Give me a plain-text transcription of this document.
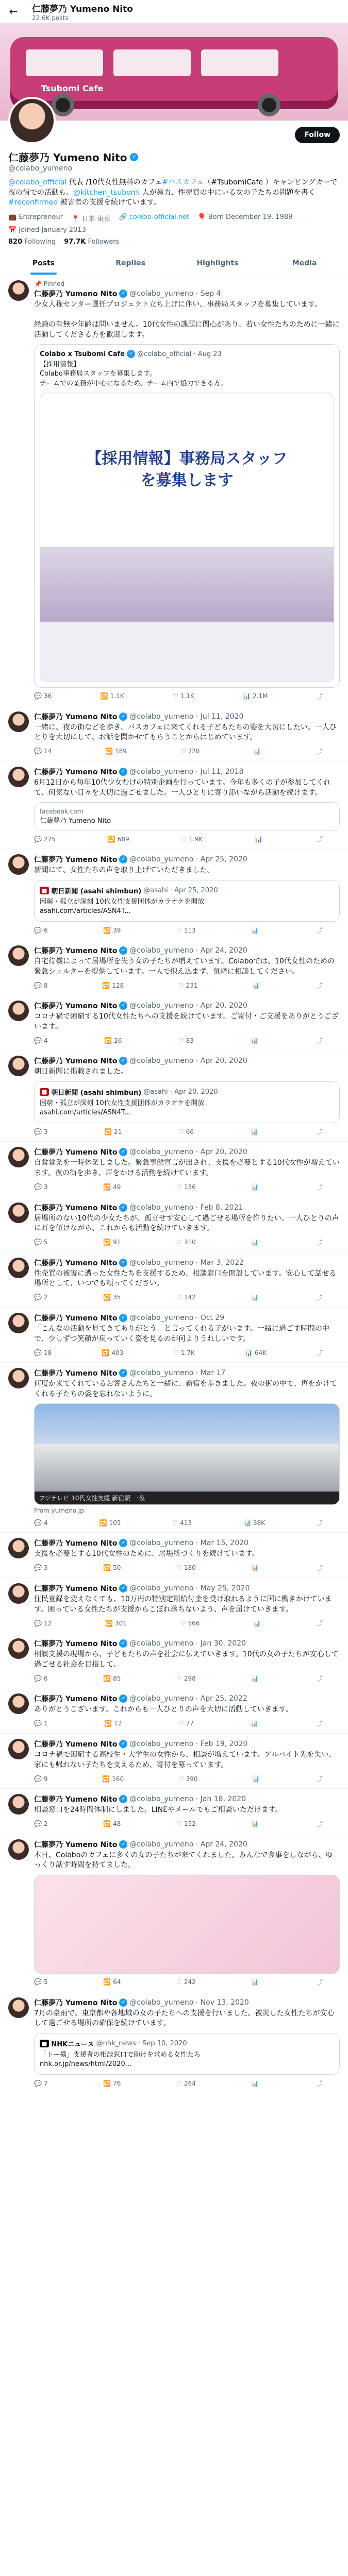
←	仁藤夢乃 Yumeno Nito
22.6K posts
Tsubomi Cafe
Follow
仁藤夢乃 Yumeno Nito ✓
@colabo_yumeno
@colabo_official 代表 /10代女性無料のカフェ#バスカフェ（#TsubomiCafe ）キャンピングカーで夜の街での活動も。@kitchen_tsubomi 人が暴力、性売買の中にいる女の子たちの問題を書く#reconfirmed 被害者の支援を続けています。
💼 Entrepreneur 📍 日本 東京 🔗 colabo-official.net 🎈 Born December 19, 1989
📅 Joined January 2013
820 Following 97.7K Followers
Posts	Replies	Highlights	Media
📌 Pinned
仁藤夢乃 Yumeno Nito ✓ @colabo_yumeno · Sep 4
少女人権センター選任プロジェクト立ち上げに伴い、事務局スタッフを募集しています。

経験の有無や年齢は問いません。10代女性の課題に関心があり、若い女性たちのために一緒に活動してくださる方を歓迎します。
Colabo x Tsubomi Cafe ✓ @colabo_official · Aug 23
【採用情報】
Colabo事務局スタッフを募集します。
チームでの業務が中心になるため、チーム内で協力できる方。
【採用情報】事務局スタッフ
を募集します
💬 36	🔁 1.1K	♡ 1.1K	📊 2.1M	⤴
仁藤夢乃 Yumeno Nito ✓ @colabo_yumeno · Jul 11, 2020
一緒に、夜の街などを歩き、バスカフェに来てくれる子どもたちの姿を大切にしたい。一人ひとりを大切にして、お話を聞かせてもらうことからはじめています。
💬 14	🔁 189	♡ 720	📊	⤴
仁藤夢乃 Yumeno Nito ✓ @colabo_yumeno · Jul 11, 2018
6月12日から毎年10代少女むけの特別企画を行っています。今年も多くの子が参加してくれて、何気ない日々を大切に過ごせました。一人ひとりに寄り添いながら活動を続けます。
facebook.com
仁藤夢乃 Yumeno Nito
💬 275	🔁 689	♡ 1.9K	📊	⤴
仁藤夢乃 Yumeno Nito ✓ @colabo_yumeno · Apr 25, 2020
新聞にて、女性たちの声を取り上げていただきました。
■ 朝日新聞 (asahi shimbun) @asahi · Apr 25, 2020
困窮・孤立が深刻 10代女性支援団体がカラオケを開放
asahi.com/articles/ASN4T...
💬 6	🔁 39	♡ 113	📊	⤴
仁藤夢乃 Yumeno Nito ✓ @colabo_yumeno · Apr 24, 2020
自宅待機によって居場所を失う女の子たちが増えています。Colaboでは、10代女性のための緊急シェルターを提供しています。一人で抱え込まず、気軽に相談してください。
💬 8	🔁 128	♡ 231	📊	⤴
仁藤夢乃 Yumeno Nito ✓ @colabo_yumeno · Apr 20, 2020
コロナ禍で困窮する10代女性たちへの支援を続けています。ご寄付・ご支援をありがとうございます。
💬 4	🔁 26	♡ 83	📊	⤴
仁藤夢乃 Yumeno Nito ✓ @colabo_yumeno · Apr 20, 2020
朝日新聞に掲載されました。
■ 朝日新聞 (asahi shimbun) @asahi · Apr 20, 2020
困窮・孤立が深刻 10代女性支援団体がカラオケを開放
asahi.com/articles/ASN4T...
💬 3	🔁 21	♡ 66	📊	⤴
仁藤夢乃 Yumeno Nito ✓ @colabo_yumeno · Apr 20, 2020
自営営業を一時休業しました。緊急事態宣言が出され、支援を必要とする10代女性が増えています。夜の街を歩き、声をかける活動を続けています。
💬 3	🔁 49	♡ 136	📊	⤴
仁藤夢乃 Yumeno Nito ✓ @colabo_yumeno · Feb 8, 2021
居場所のない10代の少女たちが、孤立せず安心して過ごせる場所を作りたい。一人ひとりの声に耳を傾けながら、これからも活動を続けていきます。
💬 5	🔁 91	♡ 310	📊	⤴
仁藤夢乃 Yumeno Nito ✓ @colabo_yumeno · Mar 3, 2022
性売買の被害に遭った女性たちを支援するため、相談窓口を開設しています。安心して話せる場所として、いつでも頼ってください。
💬 2	🔁 35	♡ 142	📊	⤴
仁藤夢乃 Yumeno Nito ✓ @colabo_yumeno · Oct 29
「こんなの活動を見てきてありがとう」と言ってくれる子がいます。一緒に過ごす時間の中で、少しずつ笑顔が戻っていく姿を見るのが何よりうれしいです。
💬 18	🔁 403	♡ 1.7K	📊 64K	⤴
仁藤夢乃 Yumeno Nito ✓ @colabo_yumeno · Mar 17
何度か来てくれているお客さんたちと一緒に、新宿を歩きました。夜の街の中で、声をかけてくれる子たちの姿を忘れないように。
フジテレビ 10代女性支援 新宿駅 一夜
From yumeno.jp
💬 4	🔁 105	♡ 413	📊 38K	⤴
仁藤夢乃 Yumeno Nito ✓ @colabo_yumeno · Mar 15, 2020
支援を必要とする10代女性のために、居場所づくりを続けています。
💬 3	🔁 50	♡ 180	📊	⤴
仁藤夢乃 Yumeno Nito ✓ @colabo_yumeno · May 25, 2020
住民登録を変えなくても、10万円の特別定額給付金を受け取れるように国に働きかけています。困っている女性たちが支援からこぼれ落ちないよう、声を届けていきます。
💬 12	🔁 301	♡ 566	📊	⤴
仁藤夢乃 Yumeno Nito ✓ @colabo_yumeno · Jan 30, 2020
相談支援の現場から、子どもたちの声を社会に伝えていきます。10代の女の子たちが安心して過ごせる社会を目指して。
💬 6	🔁 85	♡ 298	📊	⤴
仁藤夢乃 Yumeno Nito ✓ @colabo_yumeno · Apr 25, 2022
ありがとうございます。これからも一人ひとりの声を大切に活動していきます。
💬 1	🔁 12	♡ 77	📊	⤴
仁藤夢乃 Yumeno Nito ✓ @colabo_yumeno · Feb 19, 2020
コロナ禍で困窮する高校生・大学生の女性から、相談が増えています。アルバイト先を失い、家にも帰れない子たちを支えるため、寄付を募っています。
💬 9	🔁 160	♡ 390	📊	⤴
仁藤夢乃 Yumeno Nito ✓ @colabo_yumeno · Jan 18, 2020
相談窓口を24時間体制にしました。LINEやメールでもご相談いただけます。
💬 2	🔁 48	♡ 152	📊	⤴
仁藤夢乃 Yumeno Nito ✓ @colabo_yumeno · Apr 24, 2020
本日、Colaboのカフェに多くの女の子たちが来てくれました。みんなで食事をしながら、ゆっくり話す時間を持てました。
💬 5	🔁 64	♡ 242	📊	⤴
仁藤夢乃 Yumeno Nito ✓ @colabo_yumeno · Nov 13, 2020
7月の豪雨で、東京都や各地域の女の子たちへの支援を行いました。被災した女性たちが安心して過ごせる場所の確保を続けています。
■ NHKニュース @nhk_news · Sep 10, 2020
「トー横」支援者の相談窓口で助けを求める女性たち
nhk.or.jp/news/html/2020...
💬 7	🔁 76	♡ 264	📊	⤴
